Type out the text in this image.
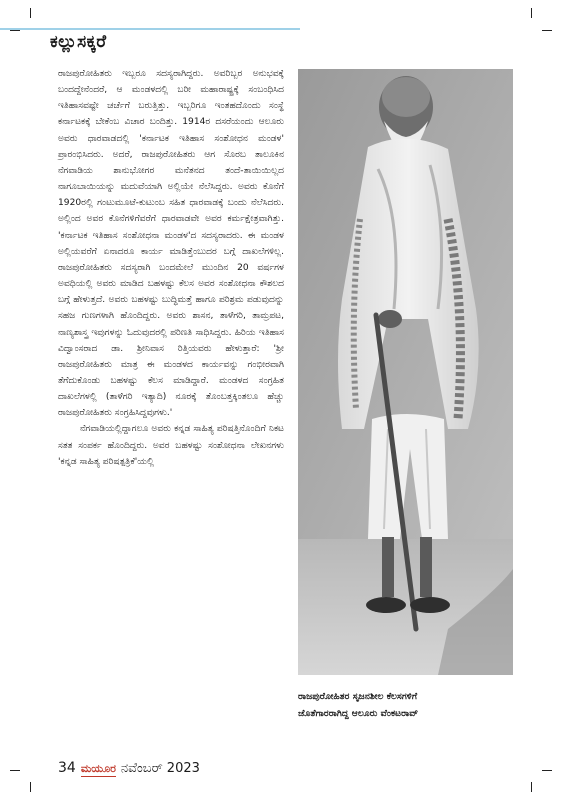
ಕಲ್ಲುಸಕ್ಕರೆ

ರಾಜಪುರೋಹಿತರು ಇಬ್ಬರೂ ಸದಸ್ಯರಾಗಿದ್ದರು. ಅವರಿಬ್ಬರ ಅನುಭವಕ್ಕೆ ಬಂದದ್ದೇನೆಂದರೆ, ಆ ಮಂಡಳದಲ್ಲಿ ಬರೀ ಮಹಾರಾಷ್ಟ್ರಕ್ಕೆ ಸಂಬಂಧಿಸಿದ ಇತಿಹಾಸವಷ್ಟೇ ಚರ್ಚೆಗೆ ಬರುತ್ತಿತ್ತು. ಇಬ್ಬರಿಗೂ ಇಂತಹದೊಂದು ಸಂಸ್ಥೆ ಕರ್ನಾಟಕಕ್ಕೆ ಬೇಕೆಂಬ ವಿಚಾರ ಬಂದಿತ್ತು. 1914ರ ದಸರೆಯಂದು ಆಲೂರು ಅವರು ಧಾರವಾಡದಲ್ಲಿ 'ಕರ್ನಾಟಕ ಇತಿಹಾಸ ಸಂಶೋಧನ ಮಂಡಳ' ಪ್ರಾರಂಭಿಸಿದರು. ಅದರೆ, ರಾಜಪುರೋಹಿತರು ಆಗ ಸೊರಬ ತಾಲೂಕಿನ ನೆಗವಾಡಿಯ ಶಾನುಭೋಗರ ಮನೆತನದ ತಂದೆ-ತಾಯಿಯಿಲ್ಲದ ನಾಗೂಬಾಯಿಯನ್ನು ಮದುವೆಯಾಗಿ ಅಲ್ಲಿಯೇ ನೆಲೆಸಿದ್ದರು. ಅವರು ಕೊನೆಗೆ 1920ರಲ್ಲಿ ಗಂಟುಮೂಟೆ-ಕುಟುಂಬ ಸಹಿತ ಧಾರವಾಡಕ್ಕೆ ಬಂದು ನೆಲೆಸಿದರು. ಅಲ್ಲಿಂದ ಅವರ ಕೊನೆಗಳಿಗೆವರೆಗೆ ಧಾರವಾಡವೇ ಅವರ ಕರ್ಮಕ್ಷೇತ್ರವಾಗಿತ್ತು. 'ಕರ್ನಾಟಕ ಇತಿಹಾಸ ಸಂಶೋಧನಾ ಮಂಡಳ'ದ ಸದಸ್ಯರಾದರು. ಈ ಮಂಡಳ ಅಲ್ಲಿಯವರೆಗೆ ಏನಾದರೂ ಕಾರ್ಯ ಮಾಡಿತ್ತೆಂಬುದರ ಬಗ್ಗೆ ದಾಖಲೆಗಳಿಲ್ಲ. ರಾಜಪುರೋಹಿತರು ಸದಸ್ಯರಾಗಿ ಬಂದಮೇಲೆ ಮುಂದಿನ 20 ವರ್ಷಗಳ ಅವಧಿಯಲ್ಲಿ ಅವರು ಮಾಡಿದ ಬಹಳಷ್ಟು ಕೆಲಸ ಅವರ ಸಂಶೋಧನಾ ಕೌಶಲದ ಬಗ್ಗೆ ಹೇಳುತ್ತದೆ. ಅವರು ಬಹಳಷ್ಟು ಬುದ್ಧಿಮತ್ತೆ ಹಾಗೂ ಪರಿಶ್ರಮ ಪಡುವುದನ್ನು ಸಹಜ ಗುಣಗಳಾಗಿ ಹೊಂದಿದ್ದರು. ಅವರು ಶಾಸನ, ತಾಳೆಗರಿ, ತಾಮ್ರಪಟ, ನಾಣ್ಯಶಾಸ್ತ್ರ ಇವುಗಳನ್ನು ಓದುವುದರಲ್ಲಿ ಪರಿಣತಿ ಸಾಧಿಸಿದ್ದರು. ಹಿರಿಯ ಇತಿಹಾಸ ವಿದ್ವಾಂಸರಾದ ಡಾ. ಶ್ರೀನಿವಾಸ ರಿತ್ತಿಯವರು ಹೇಳುತ್ತಾರೆ: 'ಶ್ರೀ ರಾಜಪುರೋಹಿತರು ಮಾತ್ರ ಈ ಮಂಡಳದ ಕಾರ್ಯವನ್ನು ಗಂಭೀರವಾಗಿ ತೆಗೆದುಕೊಂಡು ಬಹಳಷ್ಟು ಕೆಲಸ ಮಾಡಿದ್ದಾರೆ. ಮಂಡಳದ ಸಂಗ್ರಹಿತ ದಾಖಲೆಗಳಲ್ಲಿ (ತಾಳೆಗರಿ ಇತ್ಯಾದಿ) ನೂರಕ್ಕೆ ತೊಂಬತ್ತಕ್ಕಿಂತಲೂ ಹೆಚ್ಚು ರಾಜಪುರೋಹಿತರು ಸಂಗ್ರಹಿಸಿದ್ದವುಗಳು.'

ನೆಗವಾಡಿಯಲ್ಲಿದ್ದಾಗಲೂ ಅವರು ಕನ್ನಡ ಸಾಹಿತ್ಯ ಪರಿಷತ್ತಿನೊಂದಿಗೆ ನಿಕಟ ಸತತ ಸಂಪರ್ಕ ಹೊಂದಿದ್ದರು. ಅವರ ಬಹಳಷ್ಟು ಸಂಶೋಧನಾ ಲೇಖನಗಳು 'ಕನ್ನಡ ಸಾಹಿತ್ಯ ಪರಿಷತ್ಪತ್ರಿಕೆ'ಯಲ್ಲಿ

ರಾಜಪುರೋಹಿತರ ಸೃಜನಶೀಲ ಕೆಲಸಗಳಿಗೆ
ಜೊತೆಗಾರರಾಗಿದ್ದ ಆಲೂರು ವೆಂಕಟರಾವ್
34 ಮಯೂರ ನವೆಂಬರ್ 2023
